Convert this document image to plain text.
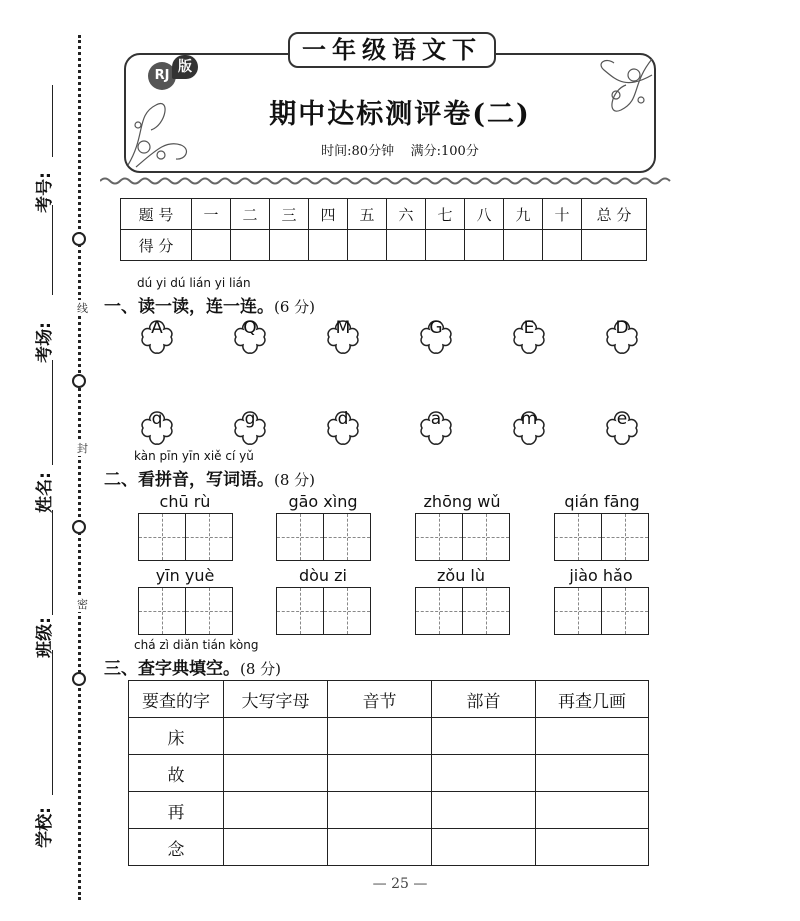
线
封
密
考号:
考场:
姓名:
班级:
学校:
一年级语文下
RJ
版
期中达标测评卷(二)
时间:80分钟 满分:100分
题 号	一	二	三	四	五	六	七	八	九	十	总 分
得 分											
dú yi dú lián yi lián
一、读一读，连一连。(6 分)
A	Q	M	G	E	D
q	g	d	a	m	e
kàn pīn yīn xiě cí yǔ
二、看拼音，写词语。(8 分)
chū rù	gāo xìng	zhōng wǔ	qián fāng
yīn yuè	dòu zi	zǒu lù	jiào hǎo
chá zì diǎn tián kòng
三、查字典填空。(8 分)
要查的字	大写字母	音节	部首	再查几画
床				
故				
再				
念				
— 25 —
